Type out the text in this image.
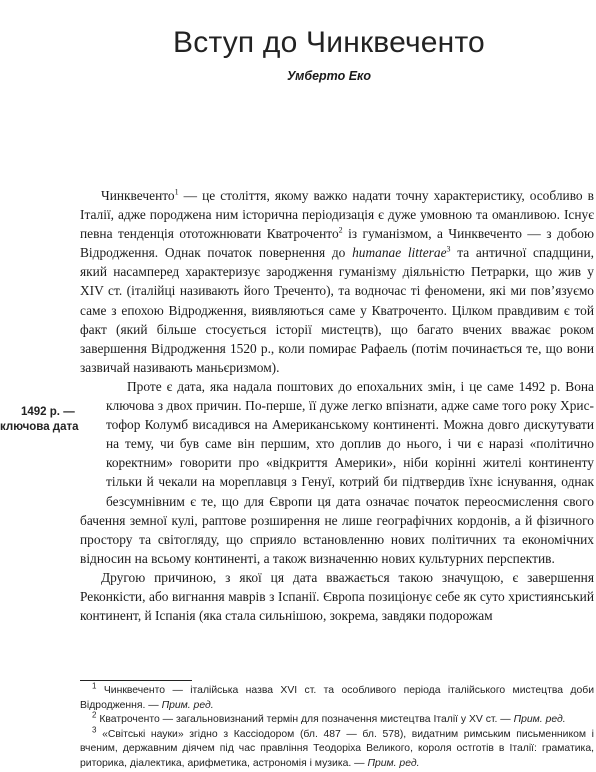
Вступ до Чинквеченто
Умберто Еко

Чинквеченто$^1$ — це століття, якому важко надати точну характеристику, особливо в Італії, адже породжена ним історична періодизація є дуже умовною та оманливою. Існує певна тенденція ототожнювати Кватроченто$^2$ із гуманізмом, а Чинквеченто — з добою Відродження. Однак початок повернення до humanae litterae$^3$ та античної спадщини, який насамперед характеризує зародження гуманізму діяльністю Петрарки, що жив у XIV ст. (італійці називають його Треченто), та водночас ті феномени, які ми пов’язуємо саме з епохою Відродження, виявляються саме у Кватроченто. Цілком правдивим є той факт (який більше стосується історії мистецтв), що багато вчених вважає роком завершення Відродження 1520 р., коли помирає Рафаель (потім починається те, що вони зазвичай називають маньєризмом).

1492 р. —
ключова дата
Проте є дата, яка надала поштових до епохальних змін, і це саме 1492 р. Вона ключова з двох причин. По-перше, її дуже легко впізнати, адже саме того року Христофор Колумб висадився на Американському континенті. Можна довго дискутувати на тему, чи був саме він першим, хто доплив до нього, і чи є наразі «політично коректним» говорити про «відкриття Америки», ніби корінні жителі континенту тільки й чекали на мореплавця з Генуї, котрий би підтвердив їхнє існування, однак безсумнівним є те, що для Європи ця дата означає початок переосмислення свого бачення земної кулі, раптове розширення не лише географічних кордонів, а й фізичного простору та світогляду, що сприяло встановленню нових політичних та економічних відносин на всьому континенті, а також визначенню нових культурних перспектив.

Другою причиною, з якої ця дата вважається такою значущою, є завершення Реконкісти, або вигнання маврів з Іспанії. Європа позиціонує себе як суто християнський континент, й Іспанія (яка стала сильнішою, зокрема, завдяки подорожам

$^1$ Чинквеченто — італійська назва XVI ст. та особливого періода італійського мистецтва доби Відродження. — Прим. ред.

$^2$ Кватроченто — загальновизнаний термін для позначення мистецтва Італії у XV ст. — Прим. ред.

$^3$ «Світські науки» згідно з Кассіодором (бл. 487 — бл. 578), видатним римським письменником і вченим, державним діячем під час правління Теодоріха Великого, короля остготів в Італії: граматика, риторика, діалектика, арифметика, астрономія і музика. — Прим. ред.
